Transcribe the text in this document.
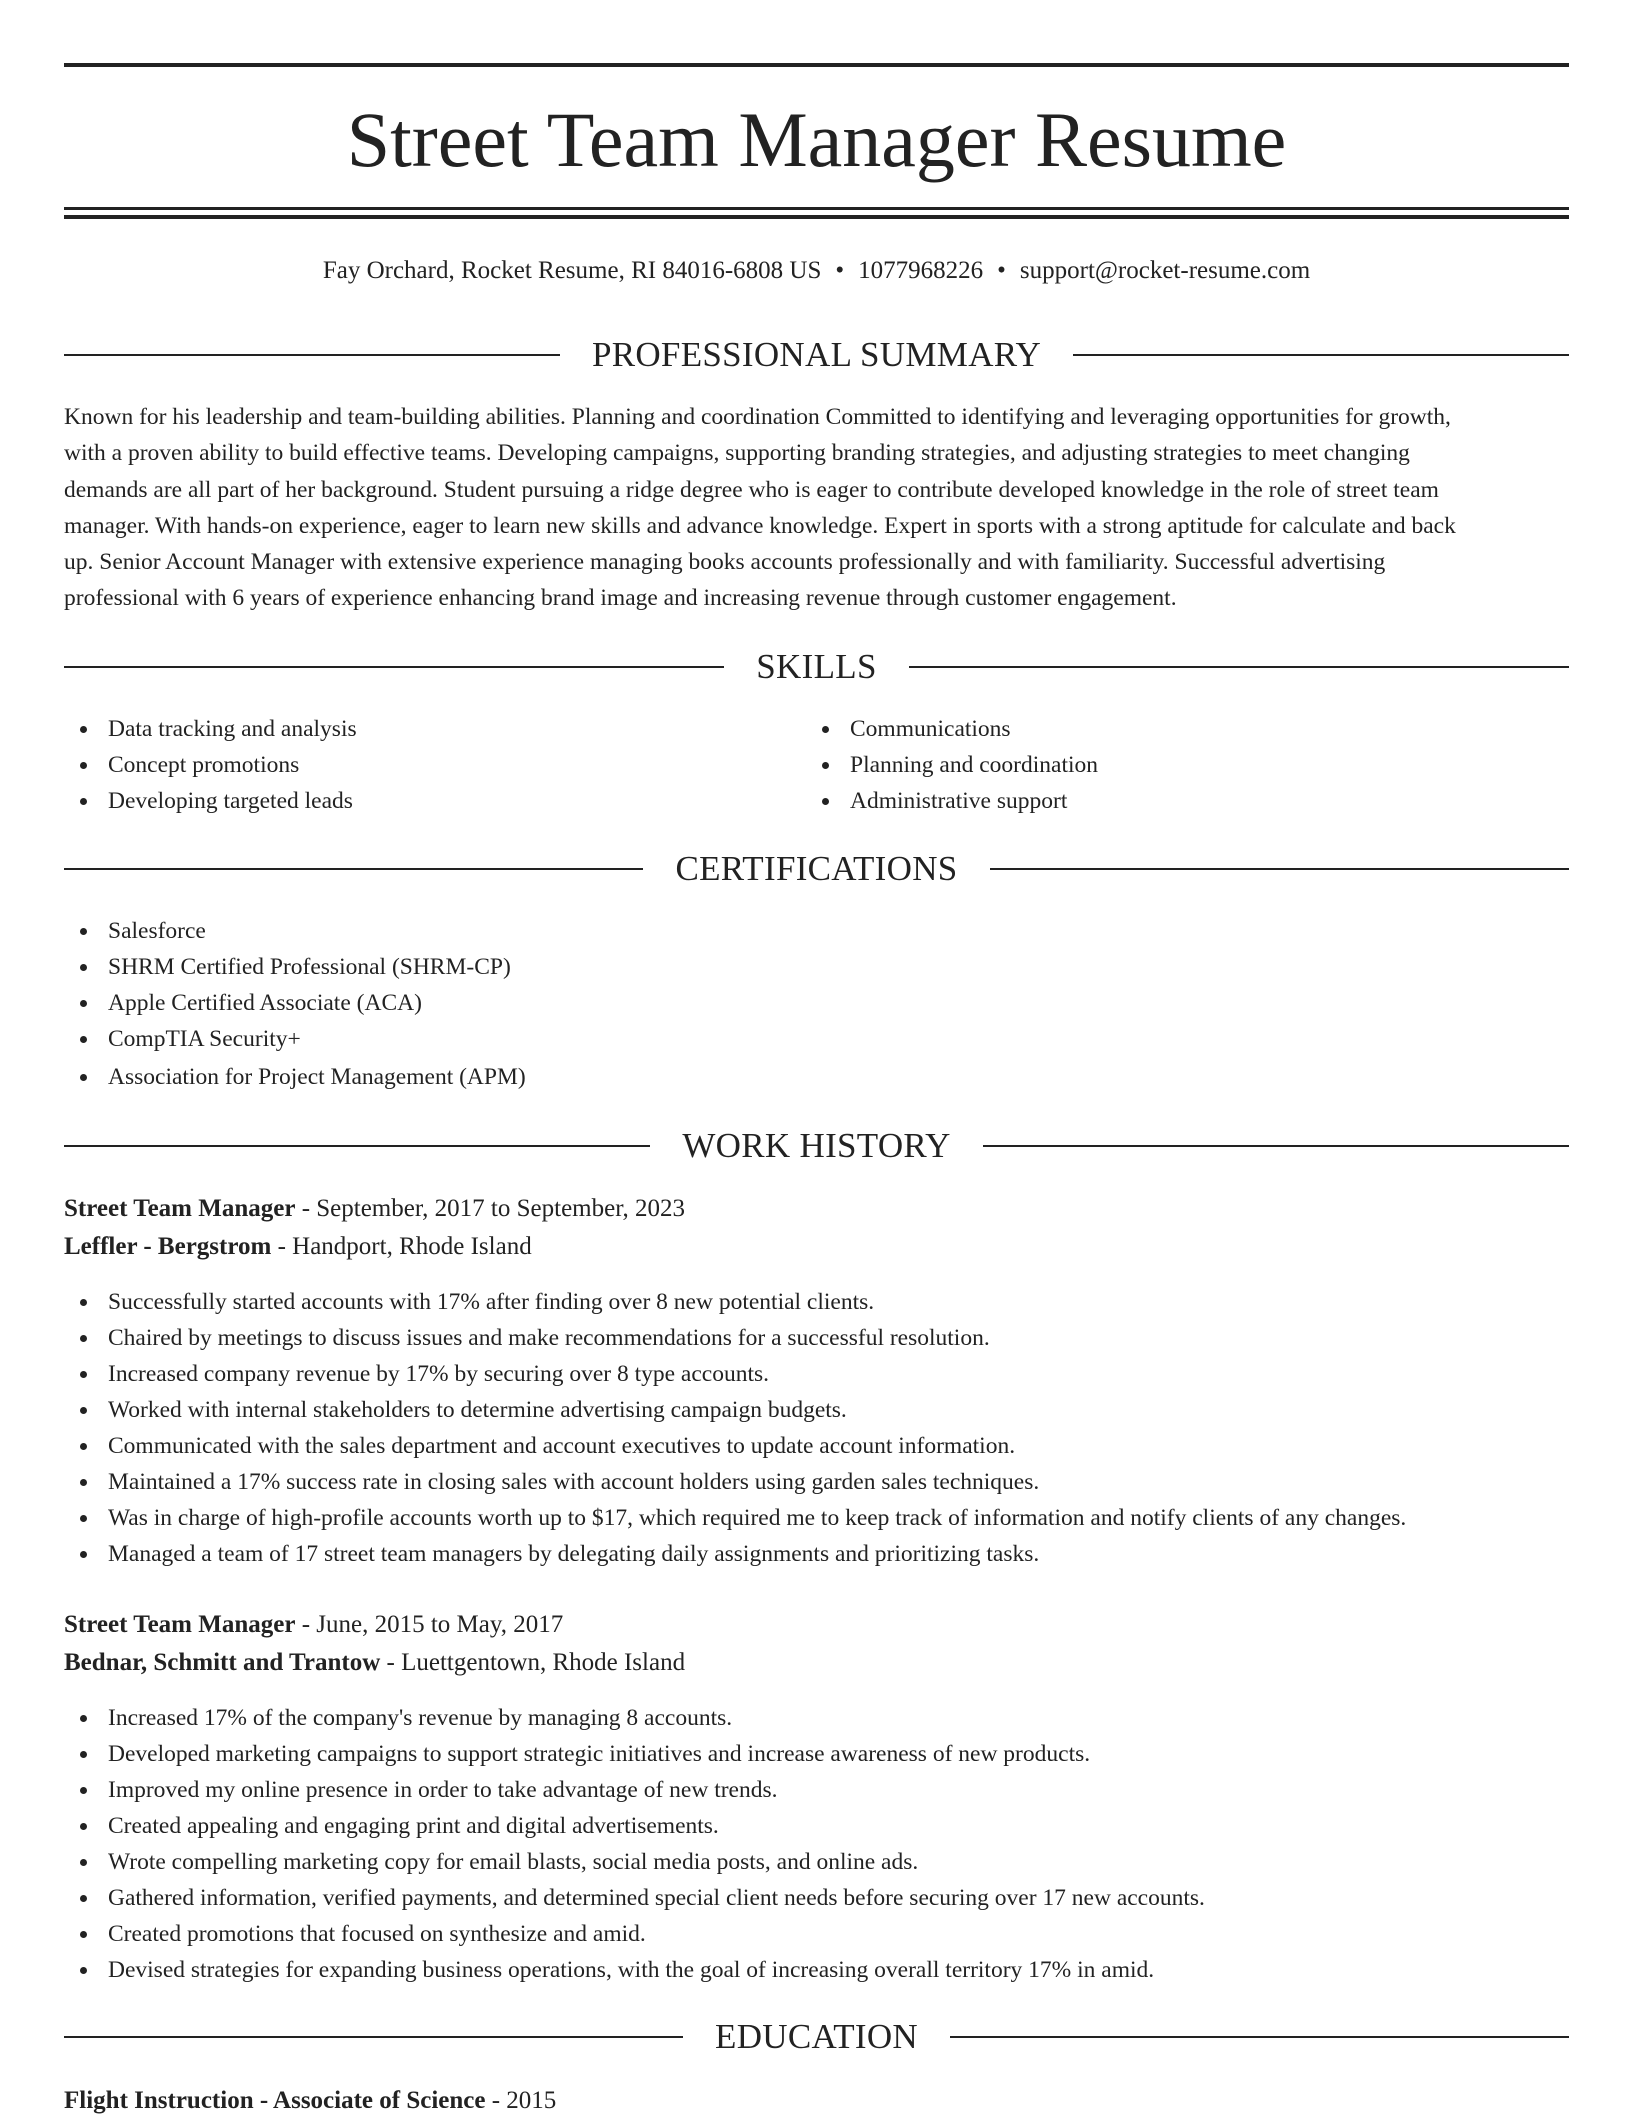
Street Team Manager Resume
Fay Orchard, Rocket Resume, RI 84016-6808 US • 1077968226 • support@rocket-resume.com
PROFESSIONAL SUMMARY
Known for his leadership and team-building abilities. Planning and coordination Committed to identifying and leveraging opportunities for growth,
with a proven ability to build effective teams. Developing campaigns, supporting branding strategies, and adjusting strategies to meet changing
demands are all part of her background. Student pursuing a ridge degree who is eager to contribute developed knowledge in the role of street team
manager. With hands-on experience, eager to learn new skills and advance knowledge. Expert in sports with a strong aptitude for calculate and back
up. Senior Account Manager with extensive experience managing books accounts professionally and with familiarity. Successful advertising
professional with 6 years of experience enhancing brand image and increasing revenue through customer engagement.
SKILLS
Data tracking and analysis
Concept promotions
Developing targeted leads
Communications
Planning and coordination
Administrative support
CERTIFICATIONS
Salesforce
SHRM Certified Professional (SHRM-CP)
Apple Certified Associate (ACA)
CompTIA Security+
Association for Project Management (APM)
WORK HISTORY
Street Team Manager - September, 2017 to September, 2023
Leffler - Bergstrom - Handport, Rhode Island
Successfully started accounts with 17% after finding over 8 new potential clients.
Chaired by meetings to discuss issues and make recommendations for a successful resolution.
Increased company revenue by 17% by securing over 8 type accounts.
Worked with internal stakeholders to determine advertising campaign budgets.
Communicated with the sales department and account executives to update account information.
Maintained a 17% success rate in closing sales with account holders using garden sales techniques.
Was in charge of high-profile accounts worth up to $17, which required me to keep track of information and notify clients of any changes.
Managed a team of 17 street team managers by delegating daily assignments and prioritizing tasks.
Street Team Manager - June, 2015 to May, 2017
Bednar, Schmitt and Trantow - Luettgentown, Rhode Island
Increased 17% of the company's revenue by managing 8 accounts.
Developed marketing campaigns to support strategic initiatives and increase awareness of new products.
Improved my online presence in order to take advantage of new trends.
Created appealing and engaging print and digital advertisements.
Wrote compelling marketing copy for email blasts, social media posts, and online ads.
Gathered information, verified payments, and determined special client needs before securing over 17 new accounts.
Created promotions that focused on synthesize and amid.
Devised strategies for expanding business operations, with the goal of increasing overall territory 17% in amid.
EDUCATION
Flight Instruction - Associate of Science - 2015
